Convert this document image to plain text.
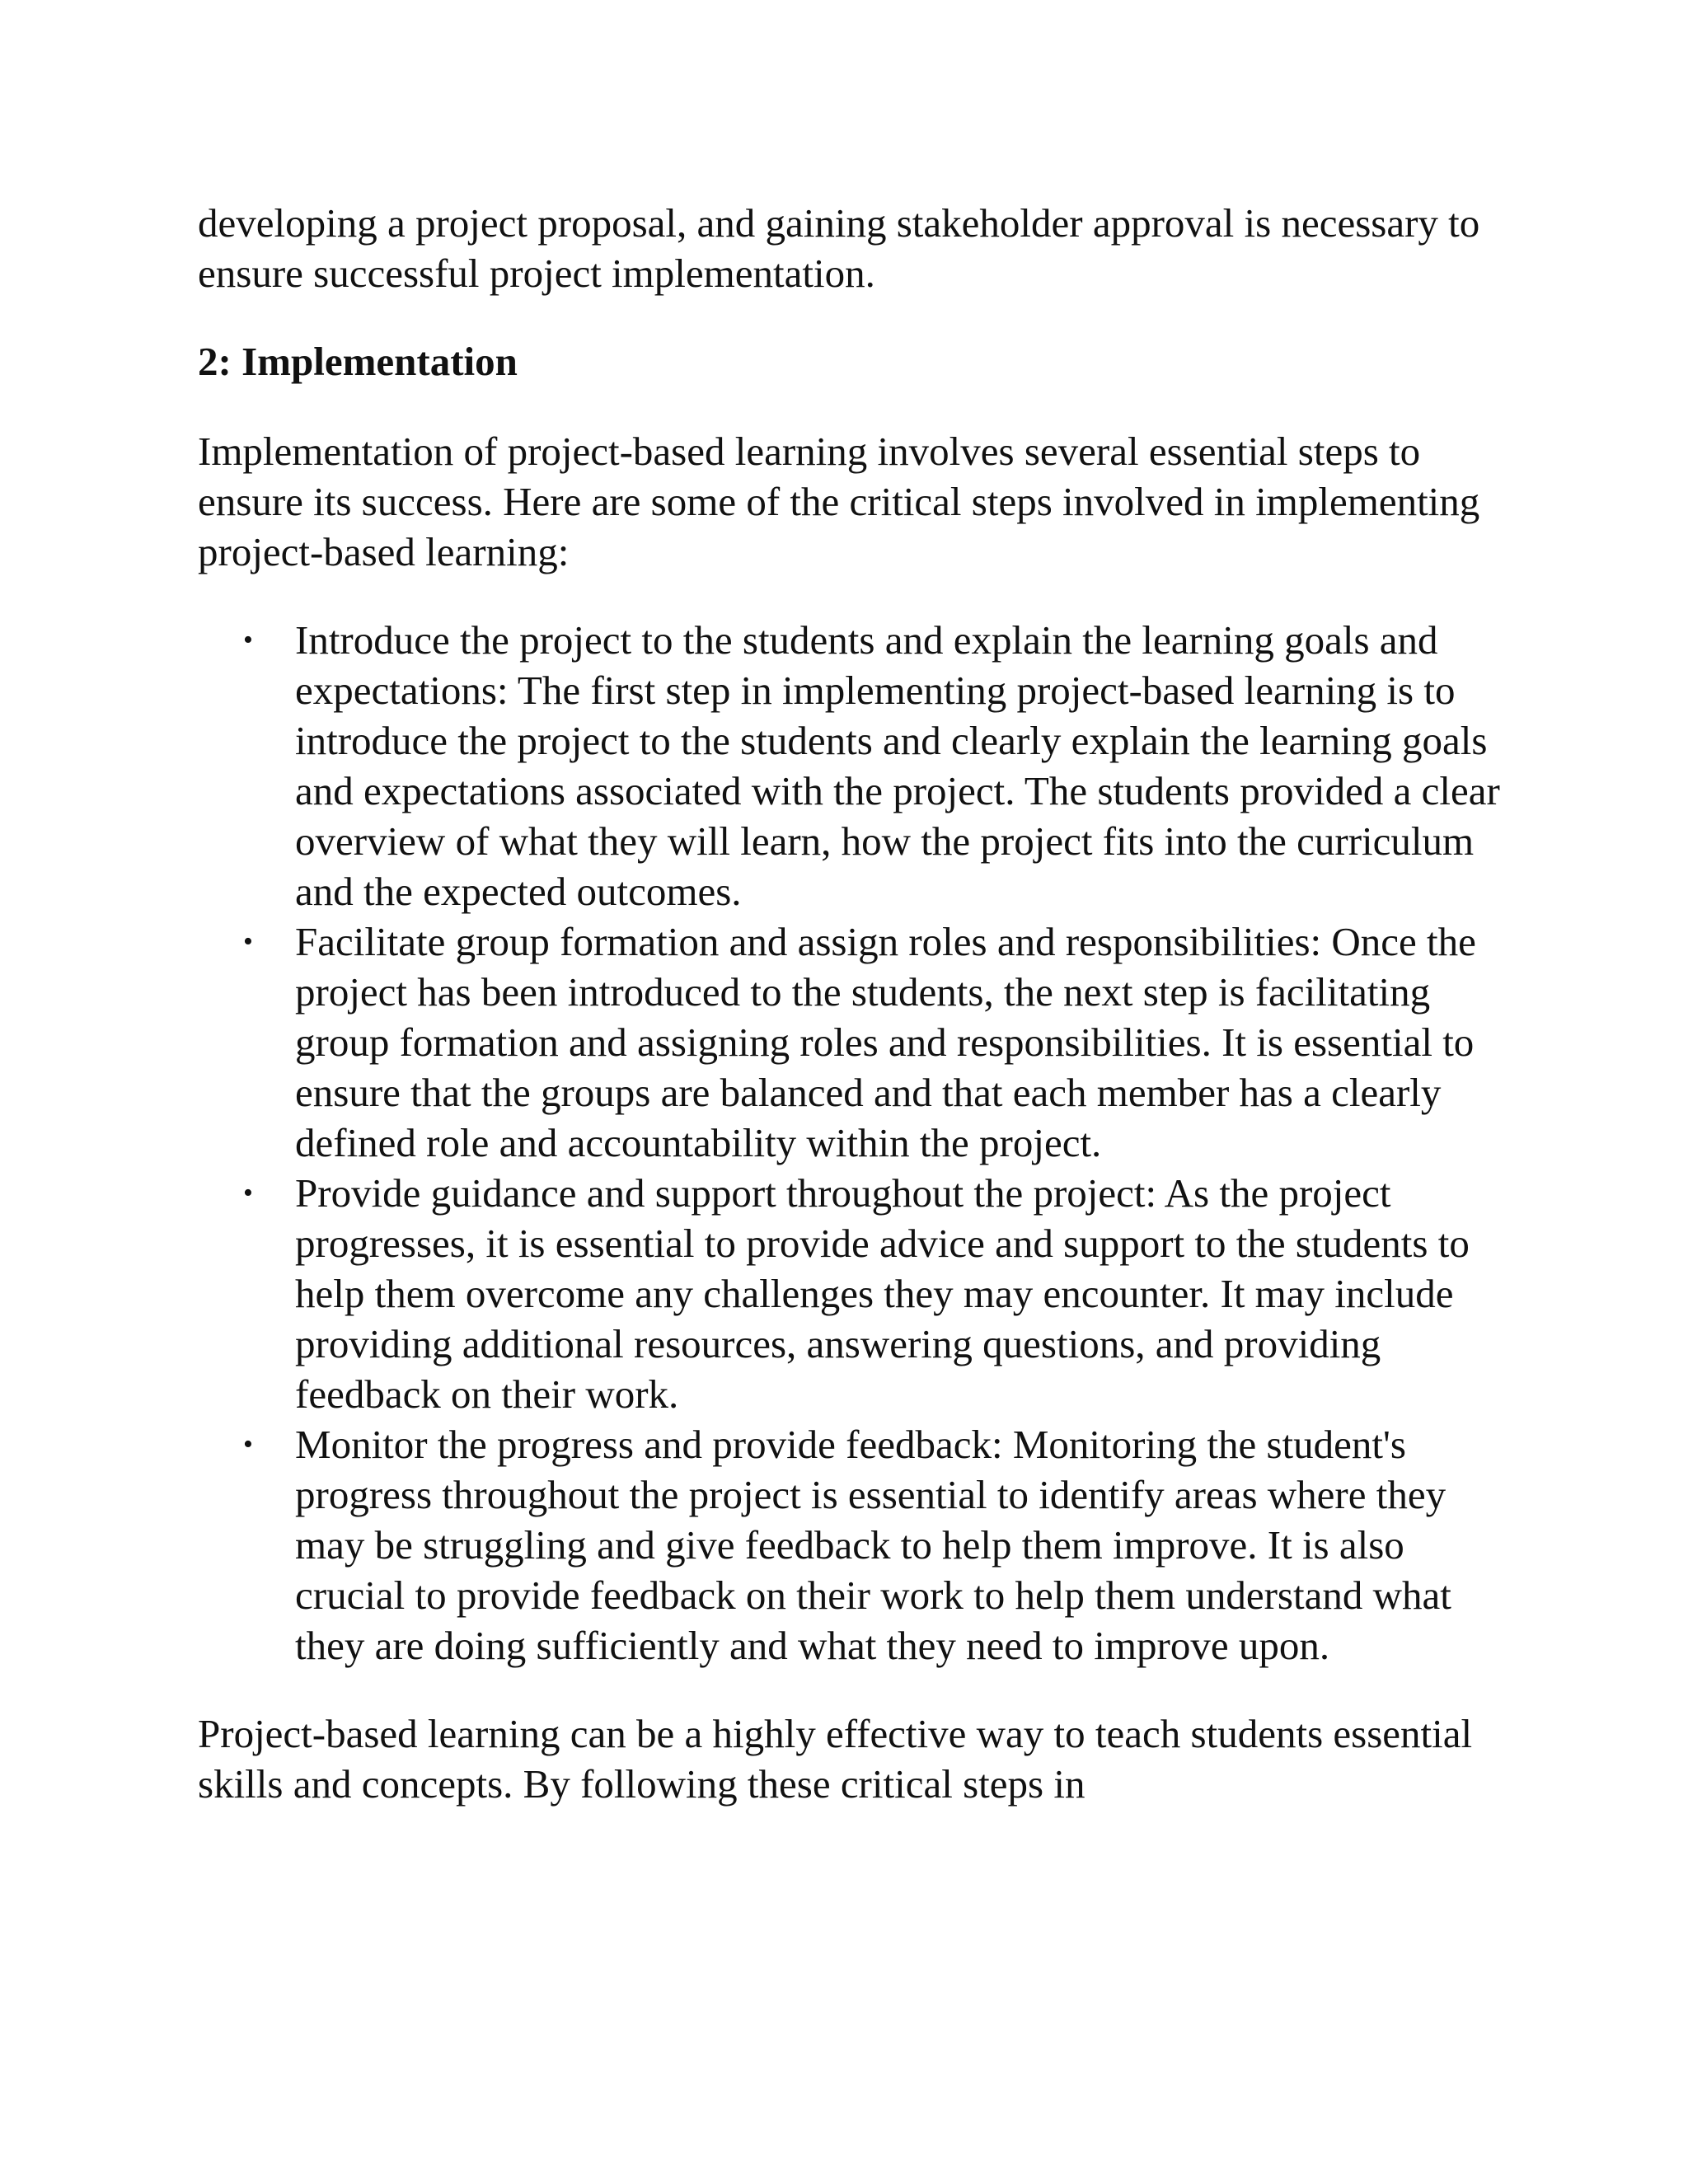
developing a project proposal, and gaining stakeholder approval is necessary to ensure successful project implementation.

2: Implementation

Implementation of project-based learning involves several essential steps to ensure its success. Here are some of the critical steps involved in implementing project-based learning:

• Introduce the project to the students and explain the learning goals and expectations: The first step in implementing project-based learning is to introduce the project to the students and clearly explain the learning goals and expectations associated with the project. The students provided a clear overview of what they will learn, how the project fits into the curriculum and the expected outcomes.
• Facilitate group formation and assign roles and responsibilities: Once the project has been introduced to the students, the next step is facilitating group formation and assigning roles and responsibilities. It is essential to ensure that the groups are balanced and that each member has a clearly defined role and accountability within the project.
• Provide guidance and support throughout the project: As the project progresses, it is essential to provide advice and support to the students to help them overcome any challenges they may encounter. It may include providing additional resources, answering questions, and providing feedback on their work.
• Monitor the progress and provide feedback: Monitoring the student's progress throughout the project is essential to identify areas where they may be struggling and give feedback to help them improve. It is also crucial to provide feedback on their work to help them understand what they are doing sufficiently and what they need to improve upon.

Project-based learning can be a highly effective way to teach students essential skills and concepts. By following these critical steps in
